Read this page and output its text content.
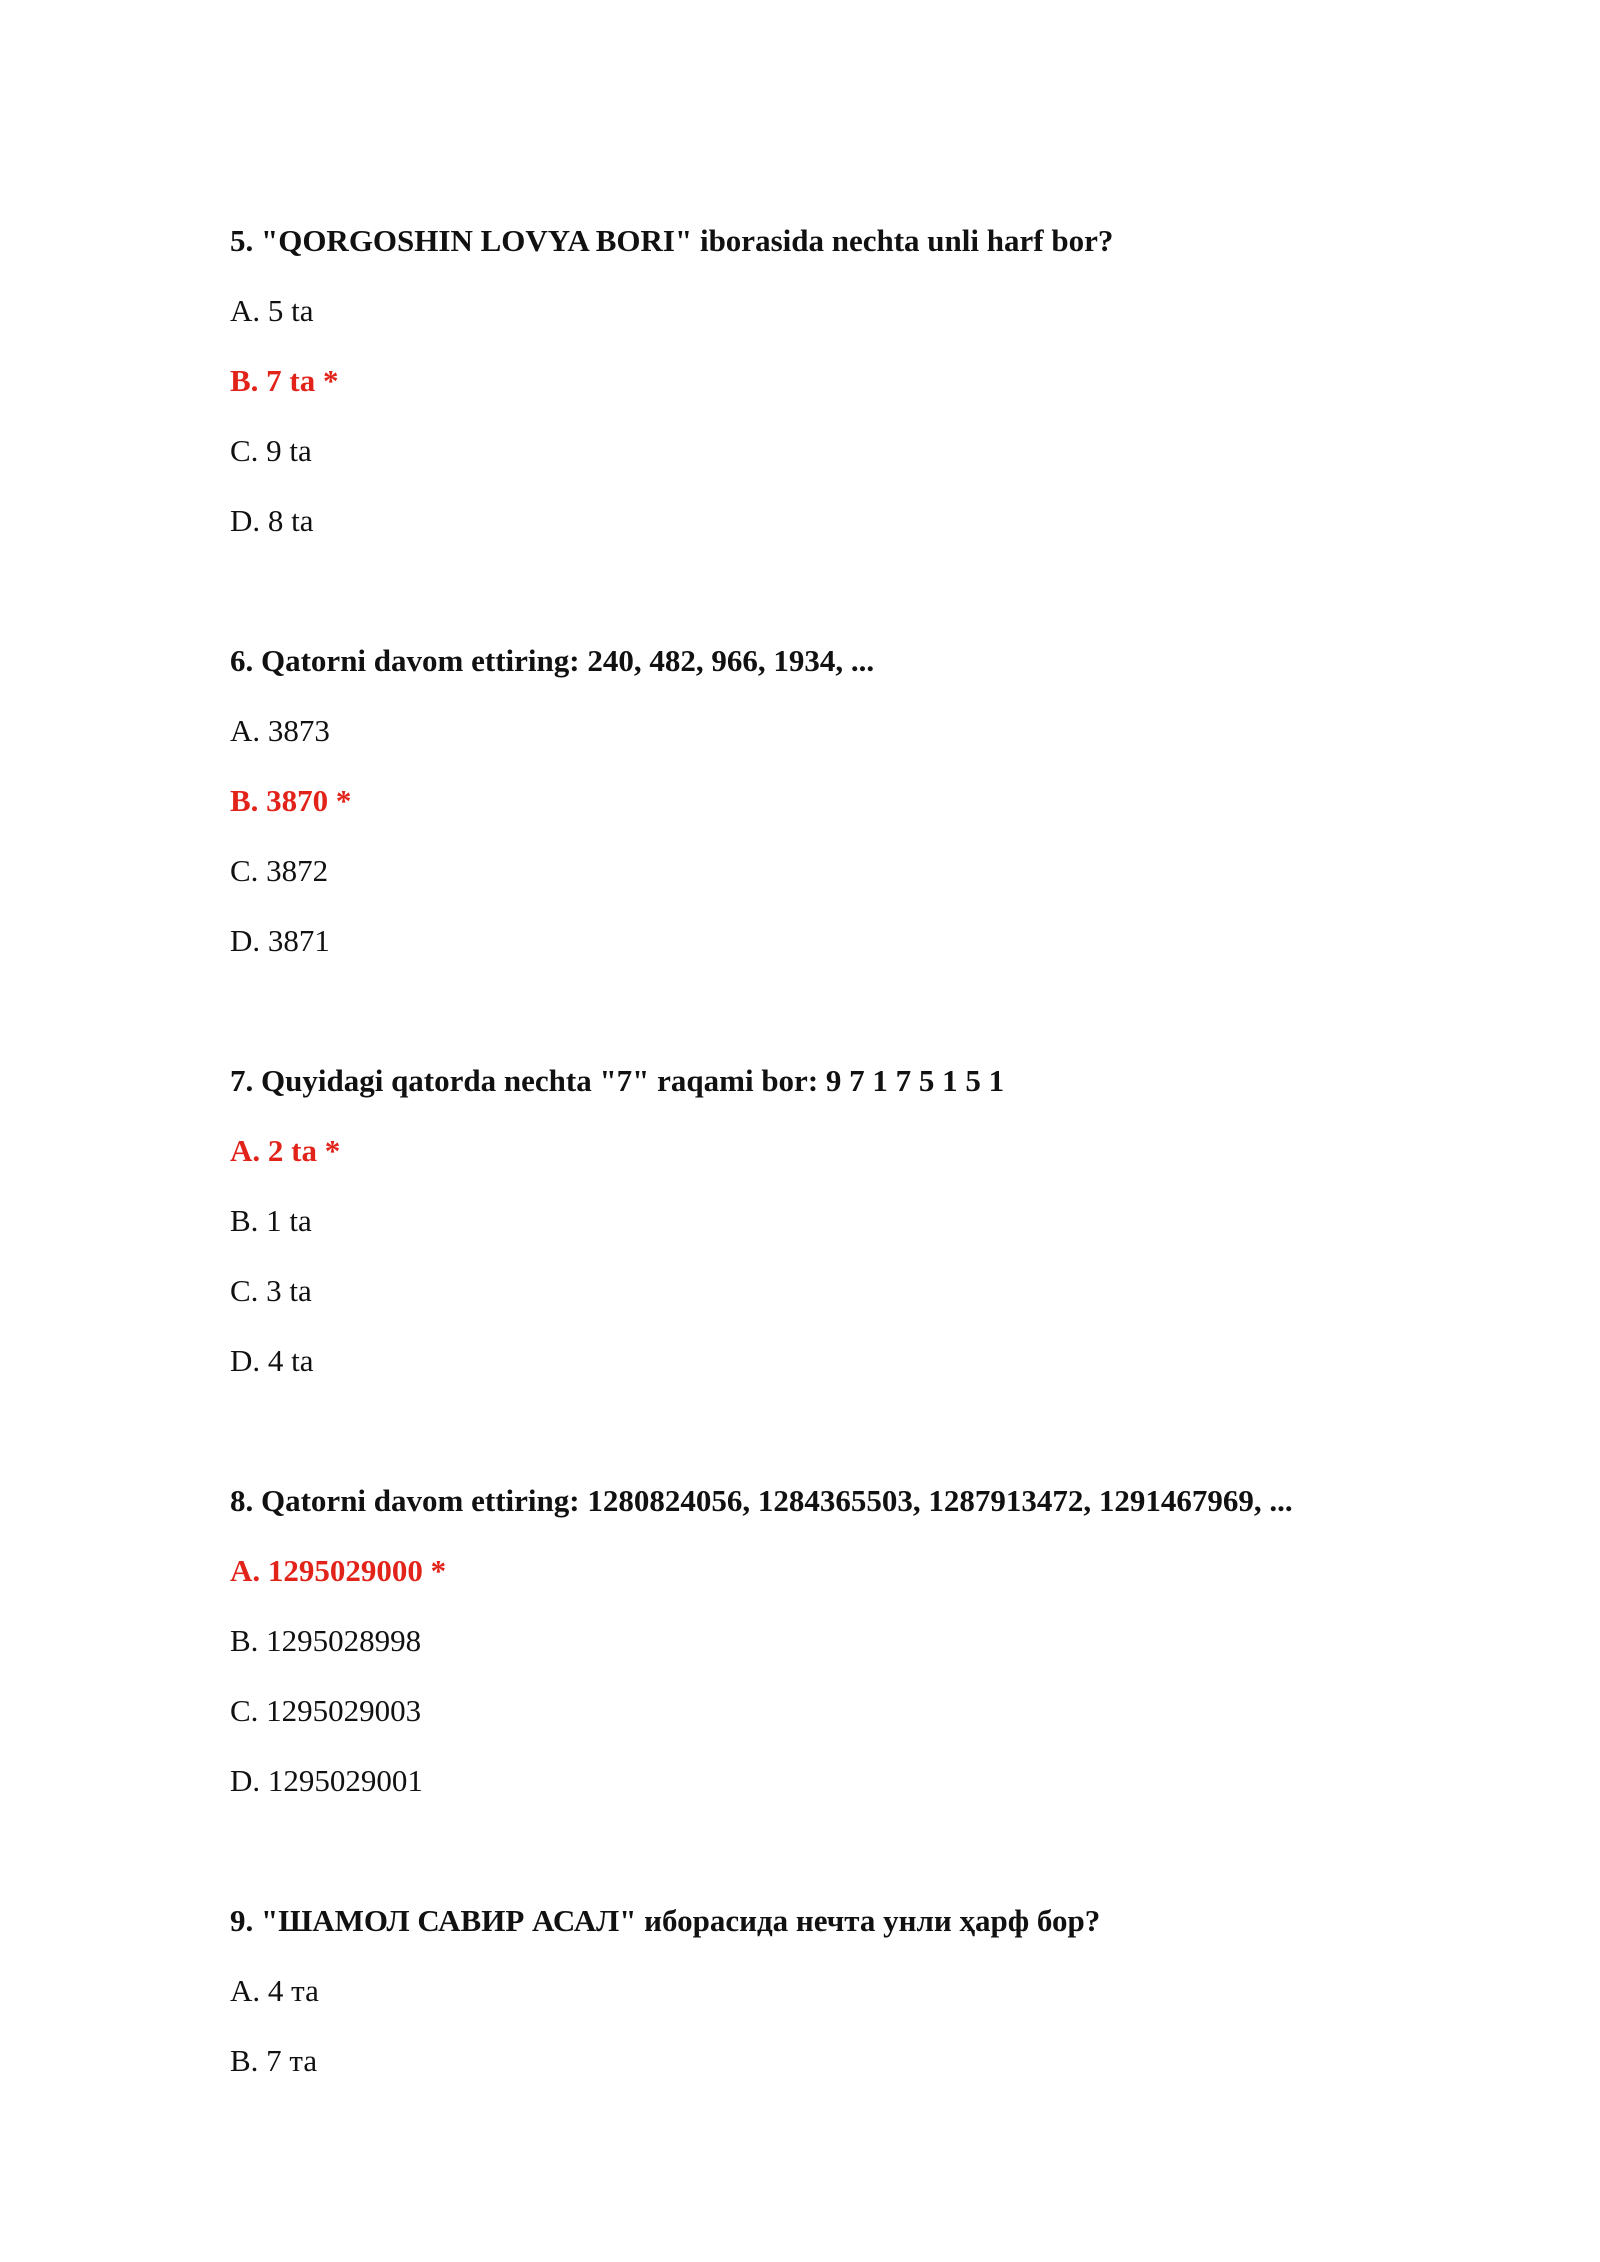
5. "QORGOSHIN LOVYA BORI" iborasida nechta unli harf bor?

A. 5 ta
B. 7 ta *
C. 9 ta
D. 8 ta

6. Qatorni davom ettiring: 240, 482, 966, 1934, ...

A. 3873
B. 3870 *
C. 3872
D. 3871

7. Quyidagi qatorda nechta "7" raqami bor: 9 7 1 7 5 1 5 1

A. 2 ta *
B. 1 ta
C. 3 ta
D. 4 ta

8. Qatorni davom ettiring: 1280824056, 1284365503, 1287913472, 1291467969, ...

A. 1295029000 *
B. 1295028998
C. 1295029003
D. 1295029001

9. "ШАМОЛ САВИР АСАЛ" иборасида нечта унли ҳарф бор?

A. 4 та
B. 7 та
